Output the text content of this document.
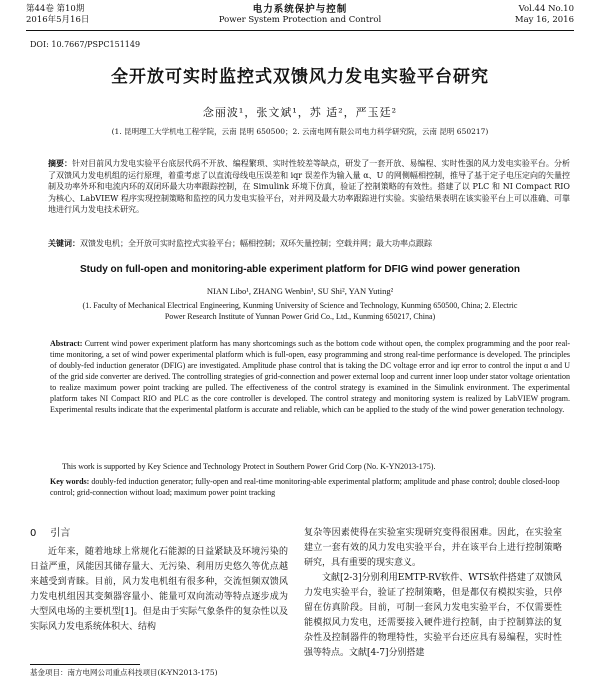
第44卷 第10期
2016年5月16日
电力系统保护与控制
Power System Protection and Control
Vol.44 No.10
May 16, 2016
DOI: 10.7667/PSPC151149
全开放可实时监控式双馈风力发电实验平台研究
念丽波¹，张文斌¹，苏 适²，严玉廷²
(1. 昆明理工大学机电工程学院，云南 昆明 650500；2. 云南电网有限公司电力科学研究院，云南 昆明 650217)
摘要：针对目前风力发电实验平台底层代码不开放、编程繁琐、实时性较差等缺点，研发了一套开放、易编程、实时性强的风力发电实验平台。分析了双馈风力发电机组的运行原理，着重考虑了以直流母线电压误差和 iqr 误差作为输入量 α、U 的网侧幅相控制，推导了基于定子电压定向的矢量控制及功率外环和电流内环的双闭环最大功率跟踪控制，在 Simulink 环境下仿真，验证了控制策略的有效性。搭建了以 PLC 和 NI Compact RIO 为核心、LabVIEW 程序实现控制策略和监控的风力发电实验平台，对并网及最大功率跟踪进行实验。实验结果表明在该实验平台上可以准确、可靠地进行风力发电技术研究。
关键词：双馈发电机；全开放可实时监控式实验平台；幅相控制；双环矢量控制；空载并网；最大功率点跟踪
Study on full-open and monitoring-able experiment platform for DFIG wind power generation
NIAN Libo¹, ZHANG Wenbin¹, SU Shi², YAN Yuting²
(1. Faculty of Mechanical Electrical Engineering, Kunming University of Science and Technology, Kunming 650500, China; 2. Electric Power Research Institute of Yunnan Power Grid Co., Ltd., Kunming 650217, China)
Abstract: Current wind power experiment platform has many shortcomings such as the bottom code without open, the complex programming and the poor real-time monitoring, a set of wind power experimental platform which is full-open, easy programming and strong real-time performance is developed. The principles of doubly-fed induction generator (DFIG) are investigated. Amplitude phase control that is taking the DC voltage error and iqr error to control the input α and U of the grid side converter are derived. The controlling strategies of grid-connection and power external loop and current inner loop under stator voltage orientation to realize maximum power point tracking are pulled. The effectiveness of the control strategy is examined in the Simulink environment. The experimental platform takes NI Compact RIO and PLC as the core controller is developed. The control strategy and monitoring system is realized by LabVIEW program. Experimental results indicate that the experimental platform is accurate and reliable, which can be applied to the study of the wind power generation technology.
This work is supported by Key Science and Technology Protect in Southern Power Grid Corp (No. K-YN2013-175).
Key words: doubly-fed induction generator; fully-open and real-time monitoring-able experimental platform; amplitude and phase control; double closed-loop control; grid-connection without load; maximum power point tracking
0 引言

近年来，随着地球上常规化石能源的日益紧缺及环境污染的日益严重，风能因其储存量大、无污染、利用历史悠久等优点越来越受到青睐。目前，风力发电机组有很多种，交流恒频双馈风力发电机组因其变频器容量小、能量可双向流动等特点逐步成为大型风电场的主要机型[1]。但是由于实际气象条件的复杂性以及实际风力发电系统体积大、结构

复杂等因素使得在实验室实现研究变得很困难。因此，在实验室建立一套有效的风力发电实验平台，并在该平台上进行控制策略研究，具有重要的现实意义。

文献[2-3]分别利用EMTP-RV软件、WTS软件搭建了双馈风力发电实验平台，验证了控制策略，但是都仅有模拟实验，只停留在仿真阶段。目前，可制一套风力发电实验平台，不仅需要性能模拟风力发电，还需要接入硬件进行控制，由于控制算法的复杂性及控制器件的物理特性，实验平台还应具有易编程，实时性强等特点。文献[4-7]分别搭建

基金项目：南方电网公司重点科技项目(K-YN2013-175)
